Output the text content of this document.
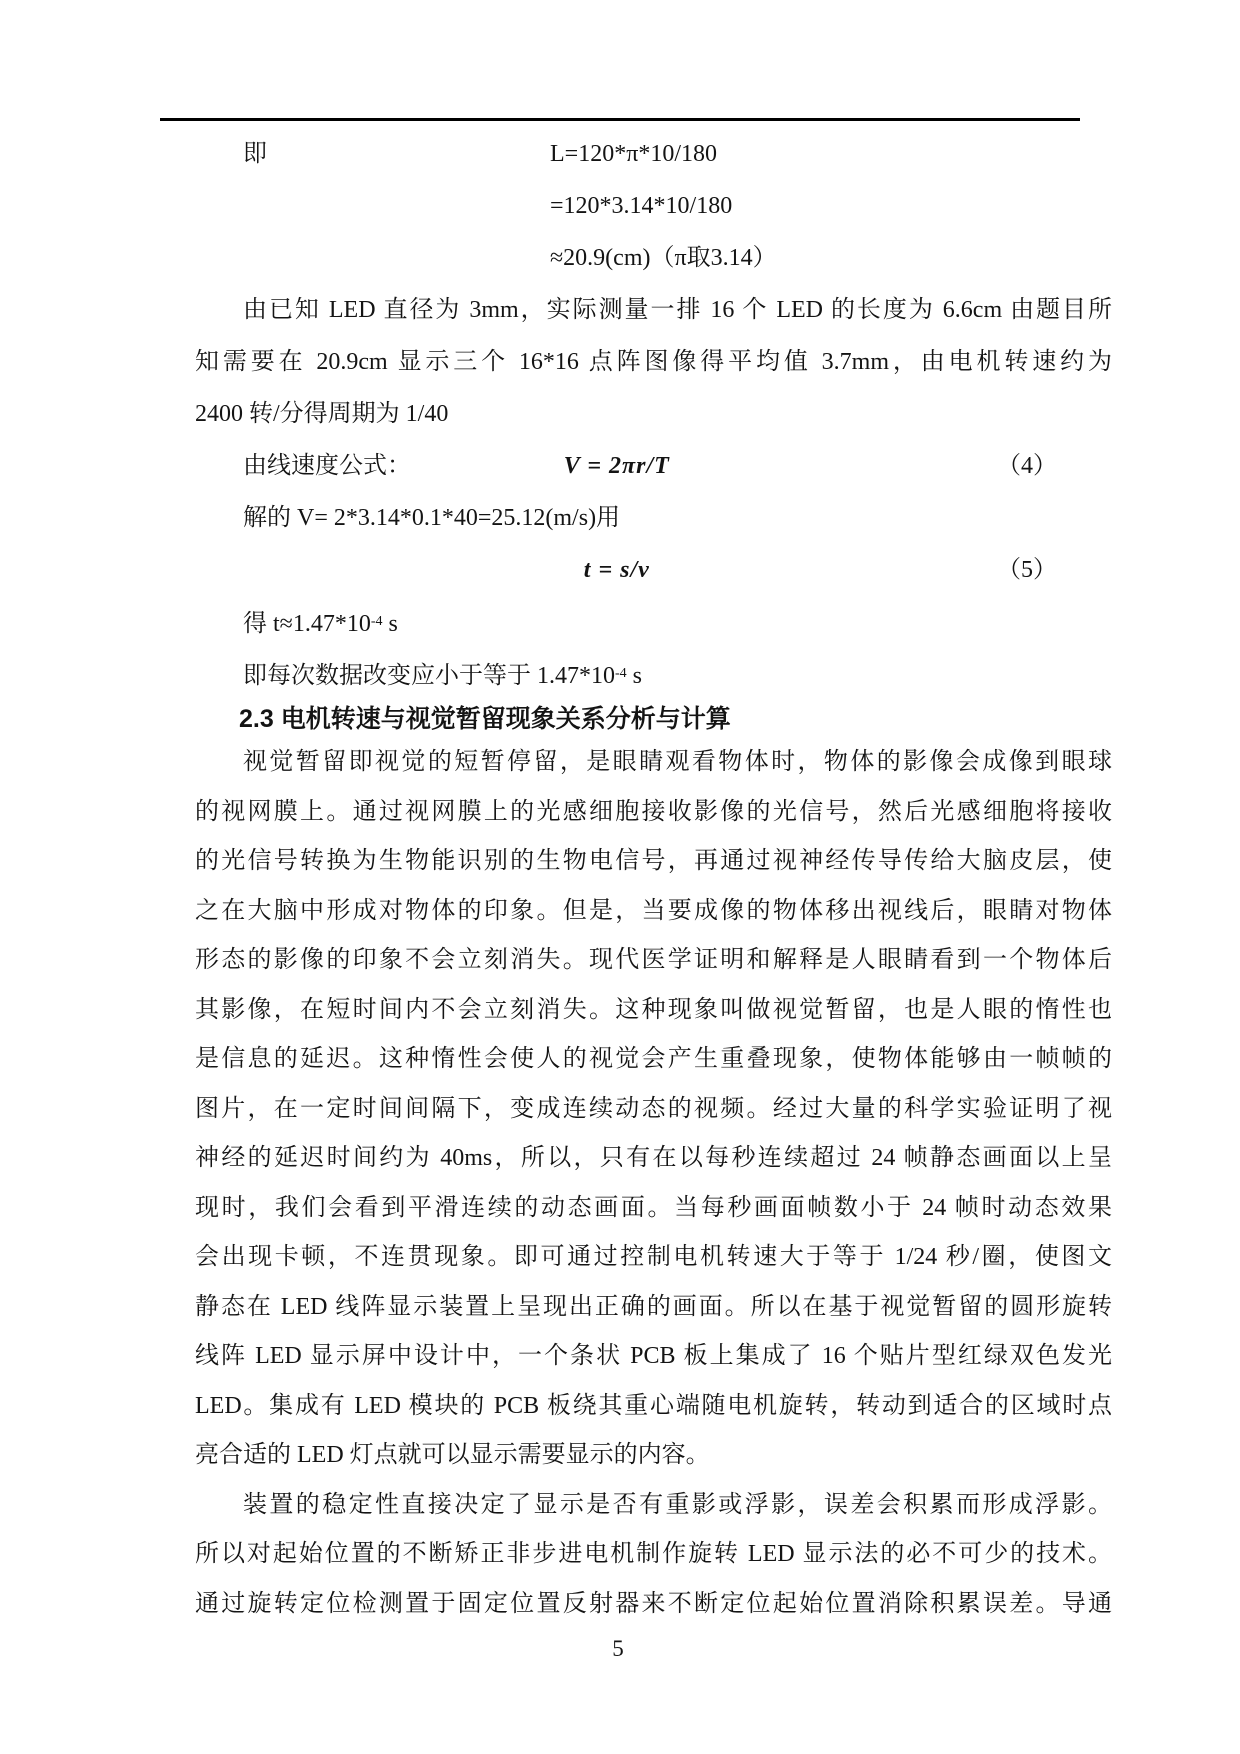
即	L=120*π*10/180
=120*3.14*10/180
≈20.9(cm)（π取3.14）
由已知 LED 直径为 3mm，实际测量一排 16 个 LED 的长度为 6.6cm 由题目所
知需要在 20.9cm 显示三个 16*16 点阵图像得平均值 3.7mm，由电机转速约为
2400 转/分得周期为 1/40
由线速度公式：	V = 2πr/T	（4）
解的 V= 2*3.14*0.1*40=25.12(m/s)用
t = s/v	（5）
得 $t\approx 1.47*10^{-4}$ s
即每次数据改变应小于等于 $1.47*10^{-4}$ s
2.3 电机转速与视觉暂留现象关系分析与计算
视觉暂留即视觉的短暂停留，是眼睛观看物体时，物体的影像会成像到眼球
的视网膜上。通过视网膜上的光感细胞接收影像的光信号，然后光感细胞将接收
的光信号转换为生物能识别的生物电信号，再通过视神经传导传给大脑皮层，使
之在大脑中形成对物体的印象。但是，当要成像的物体移出视线后，眼睛对物体
形态的影像的印象不会立刻消失。现代医学证明和解释是人眼睛看到一个物体后
其影像，在短时间内不会立刻消失。这种现象叫做视觉暂留，也是人眼的惰性也
是信息的延迟。这种惰性会使人的视觉会产生重叠现象，使物体能够由一帧帧的
图片，在一定时间间隔下，变成连续动态的视频。经过大量的科学实验证明了视
神经的延迟时间约为 40ms，所以，只有在以每秒连续超过 24 帧静态画面以上呈
现时，我们会看到平滑连续的动态画面。当每秒画面帧数小于 24 帧时动态效果
会出现卡顿，不连贯现象。即可通过控制电机转速大于等于 1/24 秒/圈，使图文
静态在 LED 线阵显示装置上呈现出正确的画面。所以在基于视觉暂留的圆形旋转
线阵 LED 显示屏中设计中，一个条状 PCB 板上集成了 16 个贴片型红绿双色发光
LED。集成有 LED 模块的 PCB 板绕其重心端随电机旋转，转动到适合的区域时点
亮合适的 LED 灯点就可以显示需要显示的内容。
装置的稳定性直接决定了显示是否有重影或浮影，误差会积累而形成浮影。
所以对起始位置的不断矫正非步进电机制作旋转 LED 显示法的必不可少的技术。
通过旋转定位检测置于固定位置反射器来不断定位起始位置消除积累误差。导通
5
